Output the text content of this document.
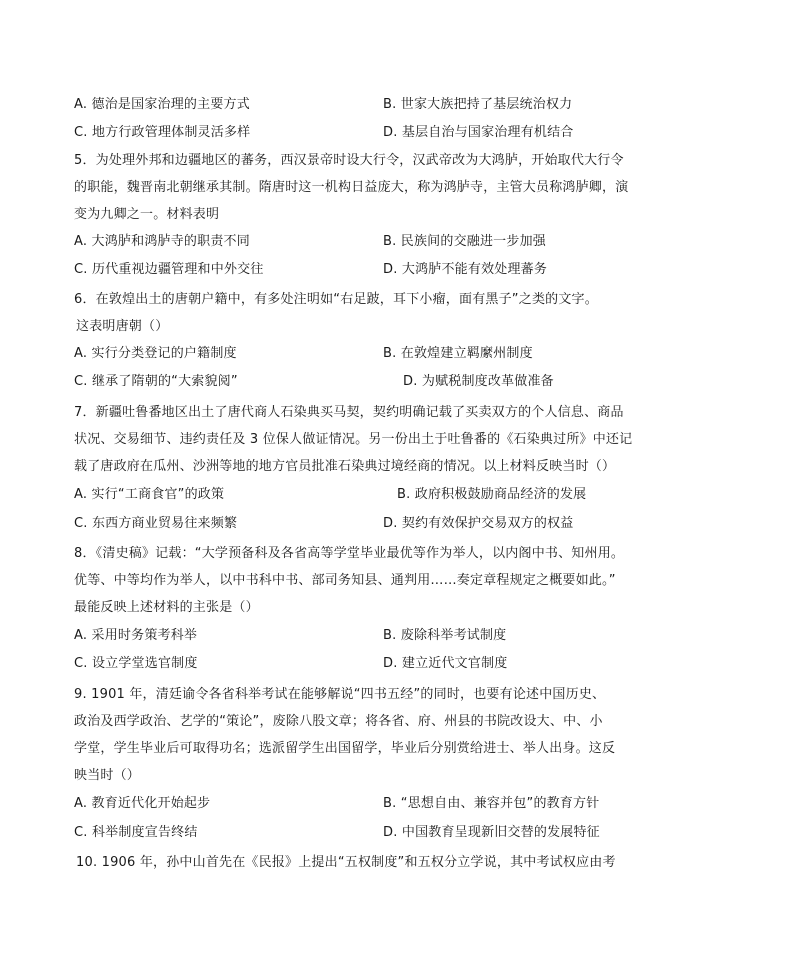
A. 德治是国家治理的主要方式	B. 世家大族把持了基层统治权力
C. 地方行政管理体制灵活多样	D. 基层自治与国家治理有机结合
5．为处理外邦和边疆地区的蕃务，西汉景帝时设大行令，汉武帝改为大鸿胪，开始取代大行令
的职能，魏晋南北朝继承其制。隋唐时这一机构日益庞大，称为鸿胪寺，主管大员称鸿胪卿，演
变为九卿之一。材料表明
A. 大鸿胪和鸿胪寺的职责不同	B. 民族间的交融进一步加强
C. 历代重视边疆管理和中外交往	D. 大鸿胪不能有效处理蕃务
6．在敦煌出土的唐朝户籍中，有多处注明如“右足跛，耳下小瘤，面有黑子”之类的文字。
这表明唐朝（）
A. 实行分类登记的户籍制度	B. 在敦煌建立羁縻州制度
C. 继承了隋朝的“大索貌阅”	D. 为赋税制度改革做准备
7．新疆吐鲁番地区出土了唐代商人石染典买马契，契约明确记载了买卖双方的个人信息、商品
状况、交易细节、违约责任及 3 位保人做证情况。另一份出土于吐鲁番的《石染典过所》中还记
载了唐政府在瓜州、沙洲等地的地方官员批准石染典过境经商的情况。以上材料反映当时（）
A. 实行“工商食官”的政策	B. 政府积极鼓励商品经济的发展
C. 东西方商业贸易往来频繁	D. 契约有效保护交易双方的权益
8．《清史稿》记载：“大学预备科及各省高等学堂毕业最优等作为举人，以内阁中书、知州用。
优等、中等均作为举人，以中书科中书、部司务知县、通判用……奏定章程规定之概要如此。”
最能反映上述材料的主张是（）
A. 采用时务策考科举	B. 废除科举考试制度
C. 设立学堂选官制度	D. 建立近代文官制度
9. 1901 年，清廷谕令各省科举考试在能够解说“四书五经”的同时，也要有论述中国历史、
政治及西学政治、艺学的“策论”，废除八股文章；将各省、府、州县的书院改设大、中、小
学堂，学生毕业后可取得功名；选派留学生出国留学，毕业后分别赏给进士、举人出身。这反
映当时（）
A. 教育近代化开始起步	B. “思想自由、兼容并包”的教育方针
C. 科举制度宣告终结	D. 中国教育呈现新旧交替的发展特征
10. 1906 年，孙中山首先在《民报》上提出“五权制度”和五权分立学说，其中考试权应由考
